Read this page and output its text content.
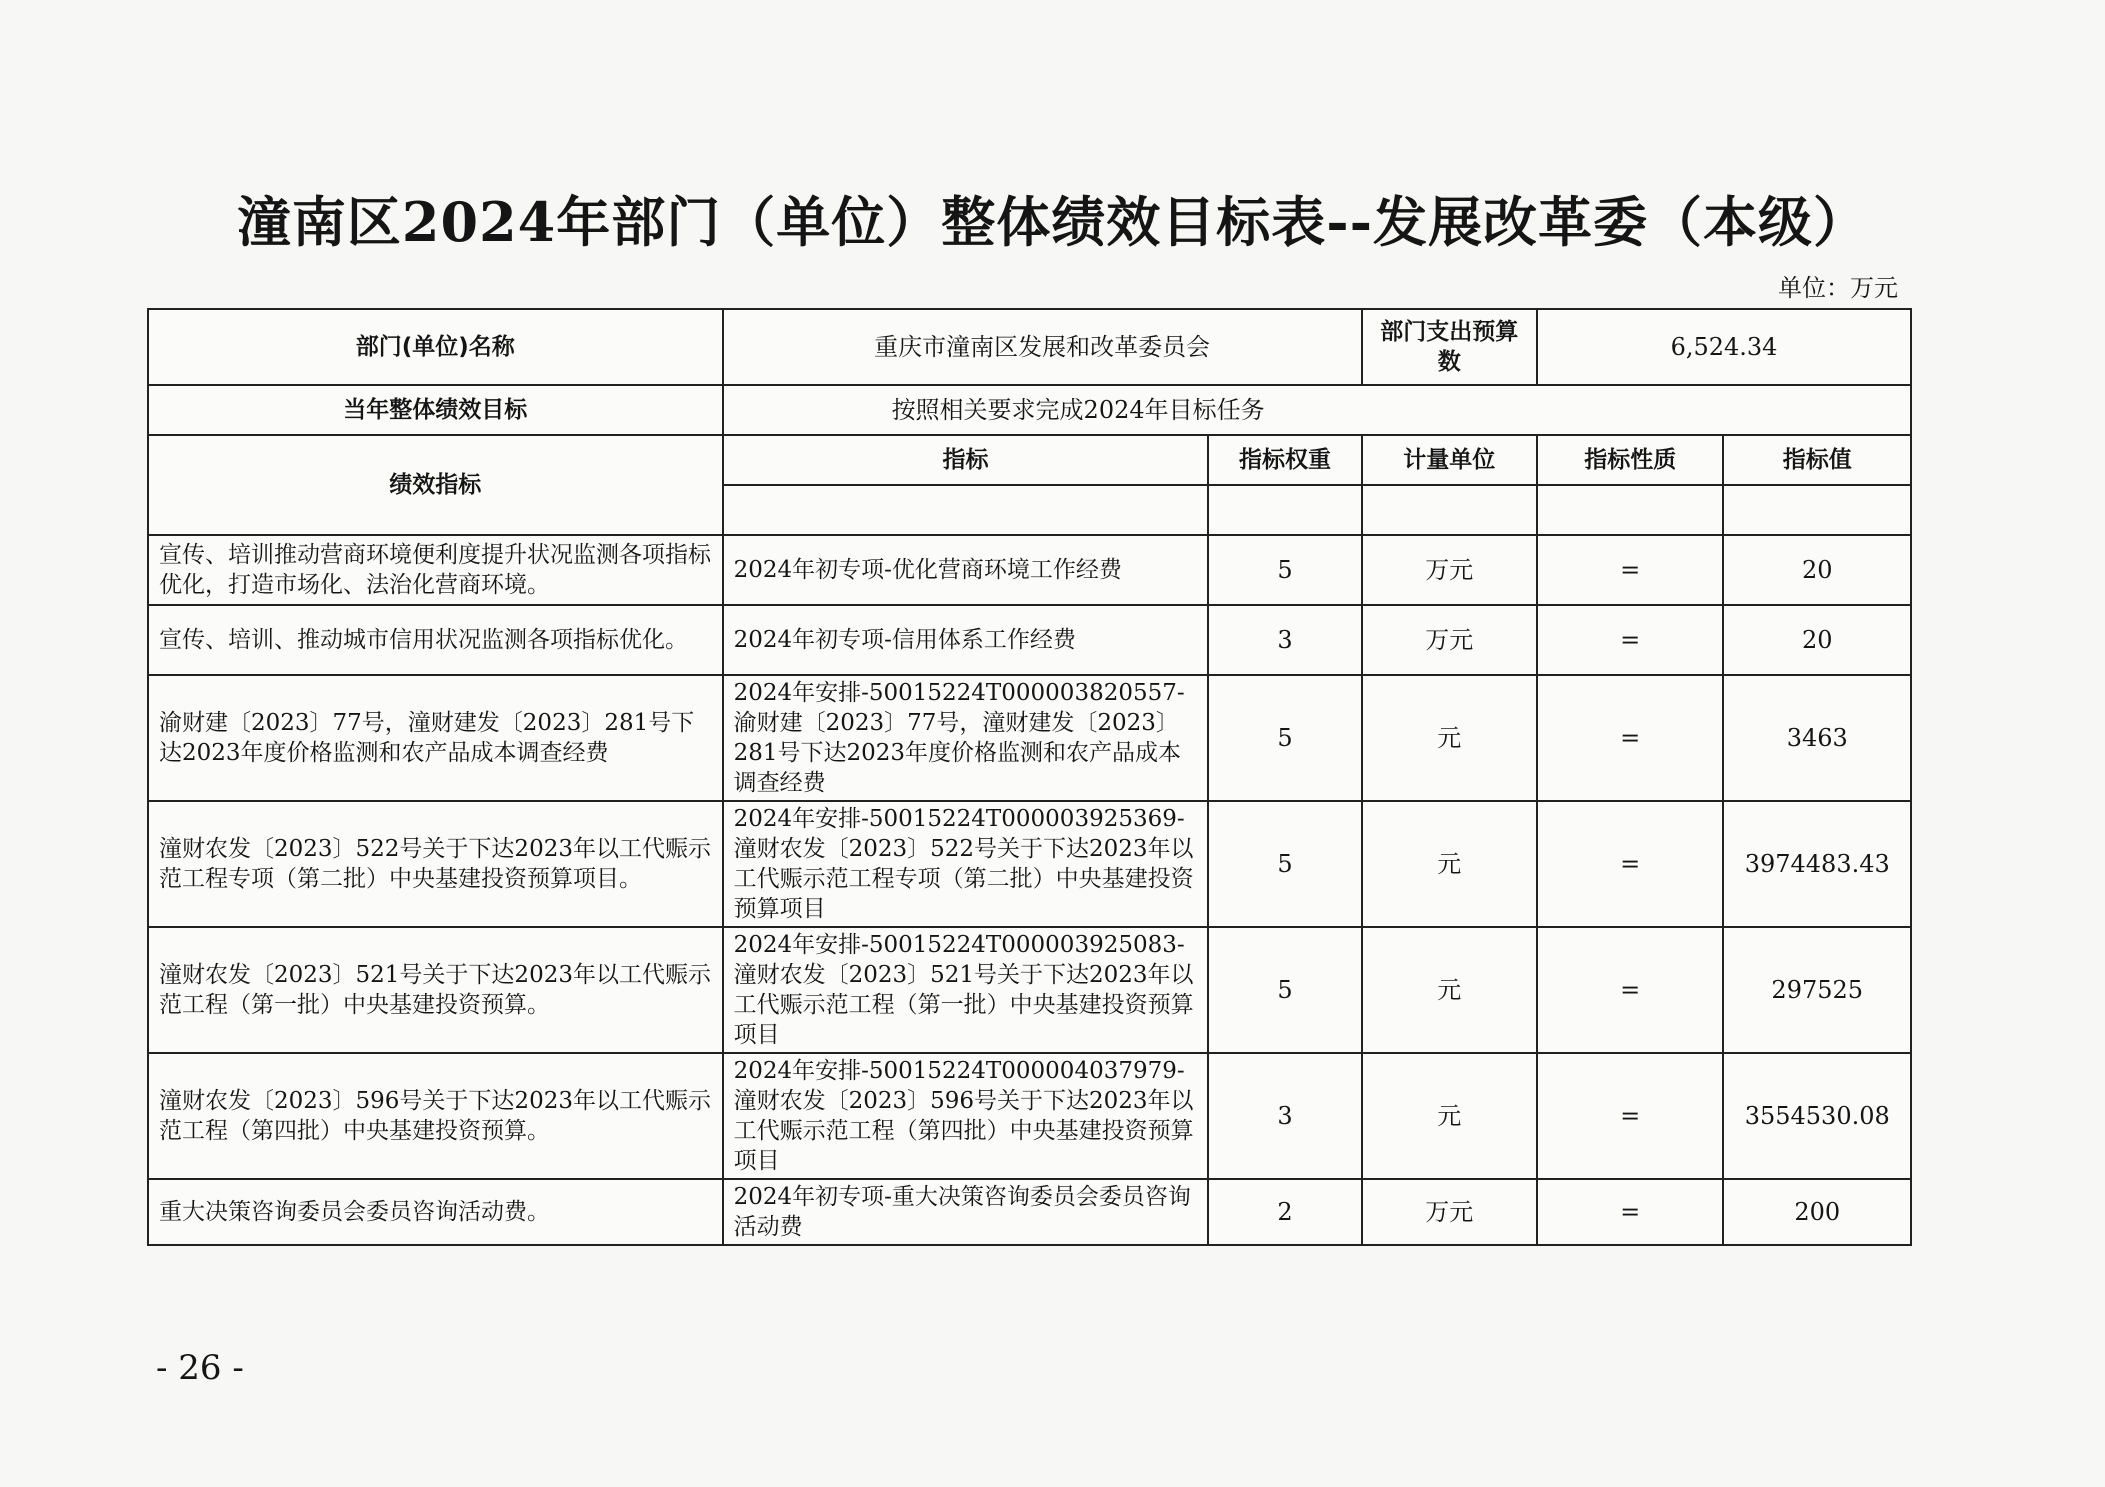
潼南区2024年部门（单位）整体绩效目标表--发展改革委（本级）
单位：万元
部门(单位)名称	重庆市潼南区发展和改革委员会		部门支出预算数	6,524.34	
当年整体绩效目标	按照相关要求完成2024年目标任务				
绩效指标	指标	指标权重	计量单位	指标性质	指标值

宣传、培训推动营商环境便利度提升状况监测各项指标优化，打造市场化、法治化营商环境。	2024年初专项-优化营商环境工作经费	5	万元	=	20
宣传、培训、推动城市信用状况监测各项指标优化。	2024年初专项-信用体系工作经费	3	万元	=	20
渝财建〔2023〕77号，潼财建发〔2023〕281号下达2023年度价格监测和农产品成本调查经费	2024年安排-50015224T000003820557-渝财建〔2023〕77号，潼财建发〔2023〕281号下达2023年度价格监测和农产品成本调查经费	5	元	=	3463
潼财农发〔2023〕522号关于下达2023年以工代赈示范工程专项（第二批）中央基建投资预算项目。	2024年安排-50015224T000003925369-潼财农发〔2023〕522号关于下达2023年以工代赈示范工程专项（第二批）中央基建投资预算项目	5	元	=	3974483.43
潼财农发〔2023〕521号关于下达2023年以工代赈示范工程（第一批）中央基建投资预算。	2024年安排-50015224T000003925083-潼财农发〔2023〕521号关于下达2023年以工代赈示范工程（第一批）中央基建投资预算项目	5	元	=	297525
潼财农发〔2023〕596号关于下达2023年以工代赈示范工程（第四批）中央基建投资预算。	2024年安排-50015224T000004037979-潼财农发〔2023〕596号关于下达2023年以工代赈示范工程（第四批）中央基建投资预算项目	3	元	=	3554530.08
重大决策咨询委员会委员咨询活动费。	2024年初专项-重大决策咨询委员会委员咨询活动费	2	万元	=	200
- 26 -
